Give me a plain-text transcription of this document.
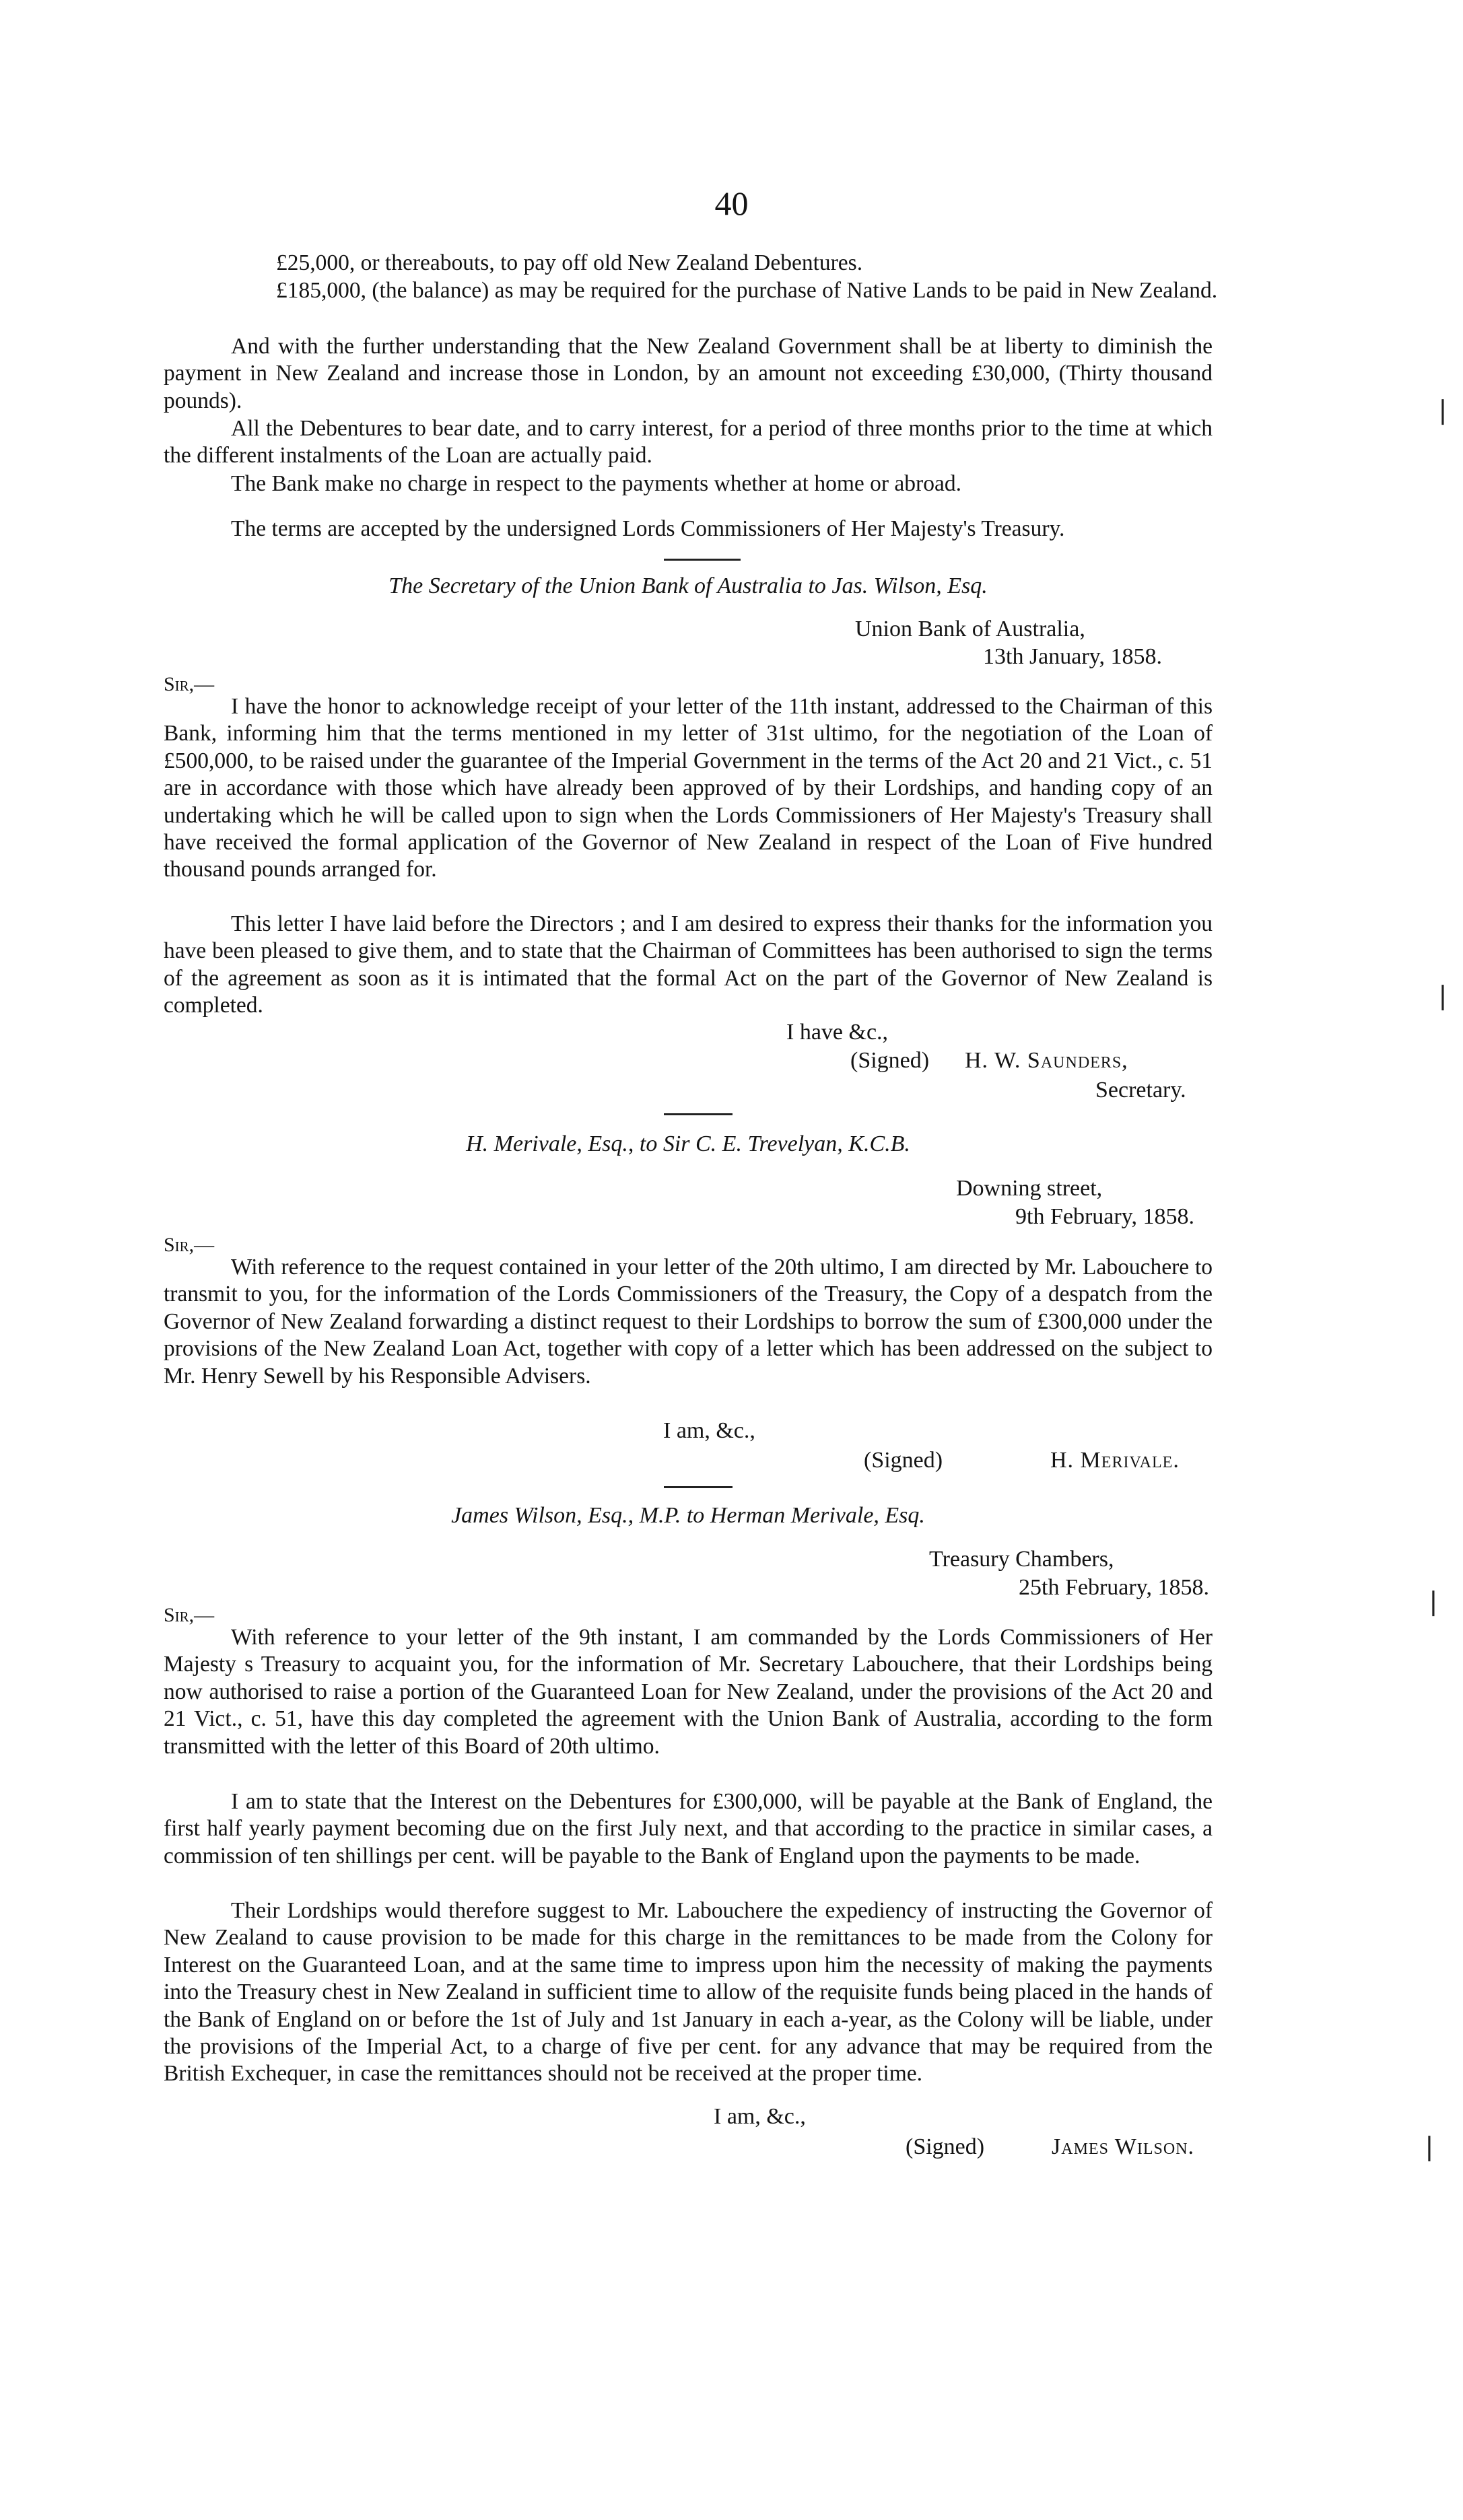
40

£25,000, or thereabouts, to pay off old New Zealand Debentures.

£185,000, (the balance) as may be required for the purchase of Native Lands to be paid in New Zealand.

And with the further understanding that the New Zealand Government shall be at liberty to diminish the payment in New Zealand and increase those in London, by an amount not exceeding £30,000, (Thirty thousand pounds).

All the Debentures to bear date, and to carry interest, for a period of three months prior to the time at which the different instalments of the Loan are actually paid.

The Bank make no charge in respect to the payments whether at home or abroad.

The terms are accepted by the undersigned Lords Commissioners of Her Majesty's Treasury.

The Secretary of the Union Bank of Australia to Jas. Wilson, Esq.

Union Bank of Australia,
13th January, 1858.
Sir,—

I have the honor to acknowledge receipt of your letter of the 11th instant, addressed to the Chairman of this Bank, informing him that the terms mentioned in my letter of 31st ultimo, for the negotiation of the Loan of £500,000, to be raised under the guarantee of the Imperial Government in the terms of the Act 20 and 21 Vict., c. 51 are in accordance with those which have already been approved of by their Lordships, and handing copy of an undertaking which he will be called upon to sign when the Lords Commissioners of Her Majesty's Treasury shall have received the formal application of the Governor of New Zealand in respect of the Loan of Five hundred thousand pounds arranged for.

This letter I have laid before the Directors ; and I am desired to express their thanks for the information you have been pleased to give them, and to state that the Chairman of Committees has been authorised to sign the terms of the agreement as soon as it is intimated that the formal Act on the part of the Governor of New Zealand is completed.

I have &c.,
(Signed) H. W. Saunders,
Secretary.

H. Merivale, Esq., to Sir C. E. Trevelyan, K.C.B.

Downing street,
9th February, 1858.
Sir,—

With reference to the request contained in your letter of the 20th ultimo, I am directed by Mr. Labouchere to transmit to you, for the information of the Lords Commissioners of the Treasury, the Copy of a despatch from the Governor of New Zealand forwarding a distinct request to their Lordships to borrow the sum of £300,000 under the provisions of the New Zealand Loan Act, together with copy of a letter which has been addressed on the subject to Mr. Henry Sewell by his Responsible Advisers.

I am, &c.,
(Signed)	H. Merivale.

James Wilson, Esq., M.P. to Herman Merivale, Esq.

Treasury Chambers,
25th February, 1858.
Sir,—

With reference to your letter of the 9th instant, I am commanded by the Lords Commissioners of Her Majesty s Treasury to acquaint you, for the information of Mr. Secretary Labouchere, that their Lordships being now authorised to raise a portion of the Guaranteed Loan for New Zealand, under the provisions of the Act 20 and 21 Vict., c. 51, have this day completed the agreement with the Union Bank of Australia, according to the form transmitted with the letter of this Board of 20th ultimo.

I am to state that the Interest on the Debentures for £300,000, will be payable at the Bank of England, the first half yearly payment becoming due on the first July next, and that according to the practice in similar cases, a commission of ten shillings per cent. will be payable to the Bank of England upon the payments to be made.

Their Lordships would therefore suggest to Mr. Labouchere the expediency of instructing the Governor of New Zealand to cause provision to be made for this charge in the remittances to be made from the Colony for Interest on the Guaranteed Loan, and at the same time to impress upon him the necessity of making the payments into the Treasury chest in New Zealand in sufficient time to allow of the requisite funds being placed in the hands of the Bank of England on or before the 1st of July and 1st January in each a-year, as the Colony will be liable, under the provisions of the Imperial Act, to a charge of five per cent. for any advance that may be required from the British Exchequer, in case the remittances should not be received at the proper time.

I am, &c.,
(Signed)	James Wilson.
❘
❘
❘
❘
